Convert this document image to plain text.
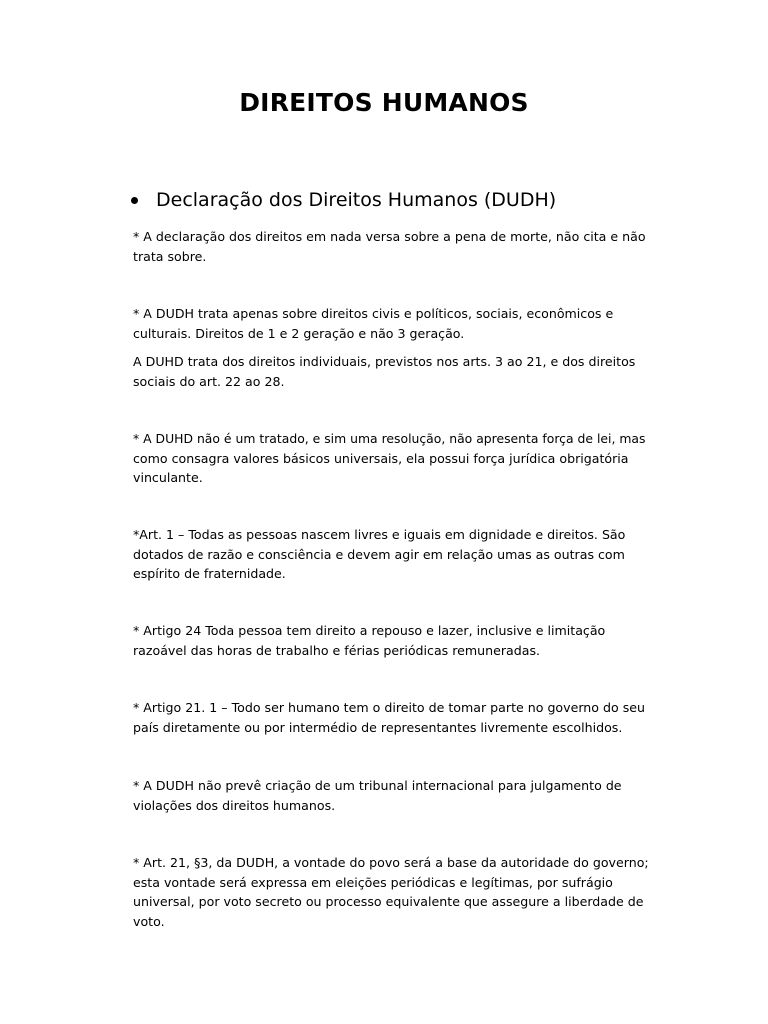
DIREITOS HUMANOS
Declaração dos Direitos Humanos (DUDH)

* A declaração dos direitos em nada versa sobre a pena de morte, não cita e não
trata sobre.

* A DUDH trata apenas sobre direitos civis e políticos, sociais, econômicos e
culturais. Direitos de 1 e 2 geração e não 3 geração.

A DUHD trata dos direitos individuais, previstos nos arts. 3 ao 21, e dos direitos
sociais do art. 22 ao 28.

* A DUHD não é um tratado, e sim uma resolução, não apresenta força de lei, mas
como consagra valores básicos universais, ela possui força jurídica obrigatória
vinculante.

*Art. 1 – Todas as pessoas nascem livres e iguais em dignidade e direitos. São
dotados de razão e consciência e devem agir em relação umas as outras com
espírito de fraternidade.

* Artigo 24 Toda pessoa tem direito a repouso e lazer, inclusive e limitação
razoável das horas de trabalho e férias periódicas remuneradas.

* Artigo 21. 1 – Todo ser humano tem o direito de tomar parte no governo do seu
país diretamente ou por intermédio de representantes livremente escolhidos.

* A DUDH não prevê criação de um tribunal internacional para julgamento de
violações dos direitos humanos.

* Art. 21, §3, da DUDH, a vontade do povo será a base da autoridade do governo;
esta vontade será expressa em eleições periódicas e legítimas, por sufrágio
universal, por voto secreto ou processo equivalente que assegure a liberdade de
voto.
